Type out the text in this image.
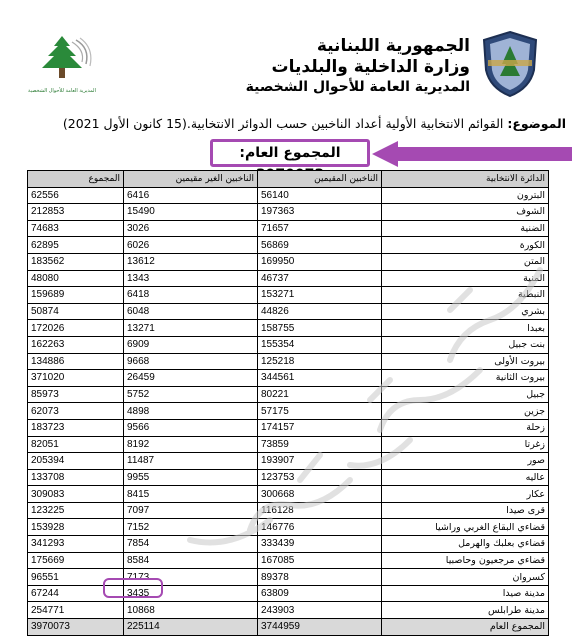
الجمهورية اللبنانية
وزارة الداخلية والبلديات
المديرية العامة للأحوال الشخصية
المديرية العامة للأحوال الشخصية
الموضوع: القوائم الانتخابية الأولية أعداد الناخبين حسب الدوائر الانتخابية.(15 كانون الأول 2021)
المجموع العام:
الدائرة الانتخابية	الناخبين المقيمين	الناخبين الغير مقيمين	المجموع
البترون	56140	6416	62556
الشوف	197363	15490	212853
الضنية	71657	3026	74683
الكورة	56869	6026	62895
المتن	169950	13612	183562
المنية	46737	1343	48080
النبطية	153271	6418	159689
بشري	44826	6048	50874
بعبدا	158755	13271	172026
بنت جبيل	155354	6909	162263
بيروت الأولى	125218	9668	134886
بيروت الثانية	344561	26459	371020
جبيل	80221	5752	85973
جزين	57175	4898	62073
زحلة	174157	9566	183723
زغرتا	73859	8192	82051
صور	193907	11487	205394
عاليه	123753	9955	133708
عكار	300668	8415	309083
قرى صيدا	116128	7097	123225
قضاءي البقاع الغربي وراشيا	146776	7152	153928
قضاءي بعلبك والهرمل	333439	7854	341293
قضاءي مرجعيون وحاصبيا	167085	8584	175669
كسروان	89378	7173	96551
مدينة صيدا	63809	3435	67244
مدينة طرابلس	243903	10868	254771
المجموع العام	3744959	225114	3970073
